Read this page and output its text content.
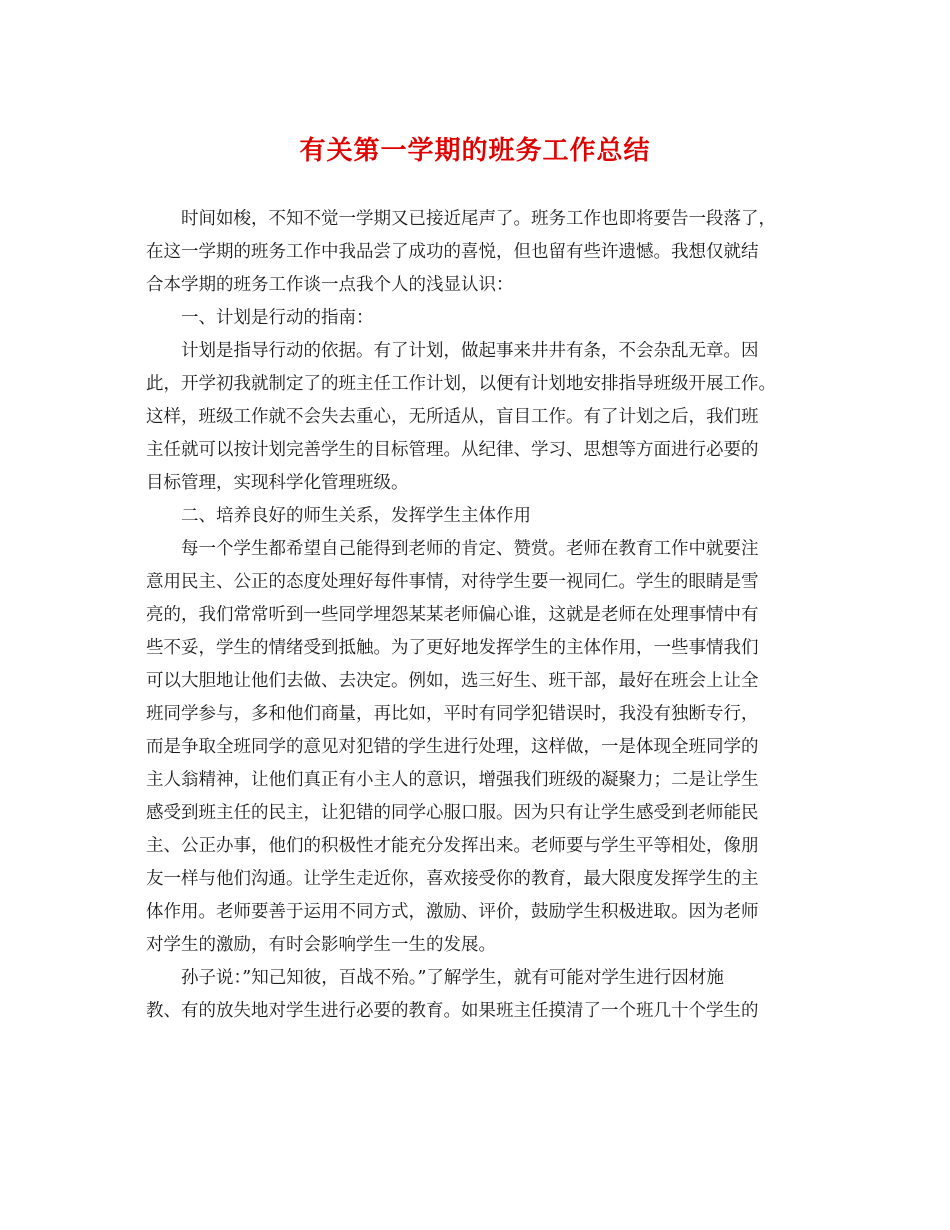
有关第一学期的班务工作总结
时间如梭，不知不觉一学期又已接近尾声了。班务工作也即将要告一段落了，
在这一学期的班务工作中我品尝了成功的喜悦，但也留有些许遗憾。我想仅就结
合本学期的班务工作谈一点我个人的浅显认识：
一、计划是行动的指南：
计划是指导行动的依据。有了计划，做起事来井井有条，不会杂乱无章。因
此，开学初我就制定了的班主任工作计划，以便有计划地安排指导班级开展工作。
这样，班级工作就不会失去重心，无所适从，盲目工作。有了计划之后，我们班
主任就可以按计划完善学生的目标管理。从纪律、学习、思想等方面进行必要的
目标管理，实现科学化管理班级。
二、培养良好的师生关系，发挥学生主体作用
每一个学生都希望自己能得到老师的肯定、赞赏。老师在教育工作中就要注
意用民主、公正的态度处理好每件事情，对待学生要一视同仁。学生的眼睛是雪
亮的，我们常常听到一些同学埋怨某某老师偏心谁，这就是老师在处理事情中有
些不妥，学生的情绪受到抵触。为了更好地发挥学生的主体作用，一些事情我们
可以大胆地让他们去做、去决定。例如，选三好生、班干部，最好在班会上让全
班同学参与，多和他们商量，再比如，平时有同学犯错误时，我没有独断专行，
而是争取全班同学的意见对犯错的学生进行处理，这样做，一是体现全班同学的
主人翁精神，让他们真正有小主人的意识，增强我们班级的凝聚力；二是让学生
感受到班主任的民主，让犯错的同学心服口服。因为只有让学生感受到老师能民
主、公正办事，他们的积极性才能充分发挥出来。老师要与学生平等相处，像朋
友一样与他们沟通。让学生走近你，喜欢接受你的教育，最大限度发挥学生的主
体作用。老师要善于运用不同方式，激励、评价，鼓励学生积极进取。因为老师
对学生的激励，有时会影响学生一生的发展。
孙子说：”知己知彼，百战不殆。”了解学生，就有可能对学生进行因材施
教、有的放失地对学生进行必要的教育。如果班主任摸清了一个班几十个学生的
